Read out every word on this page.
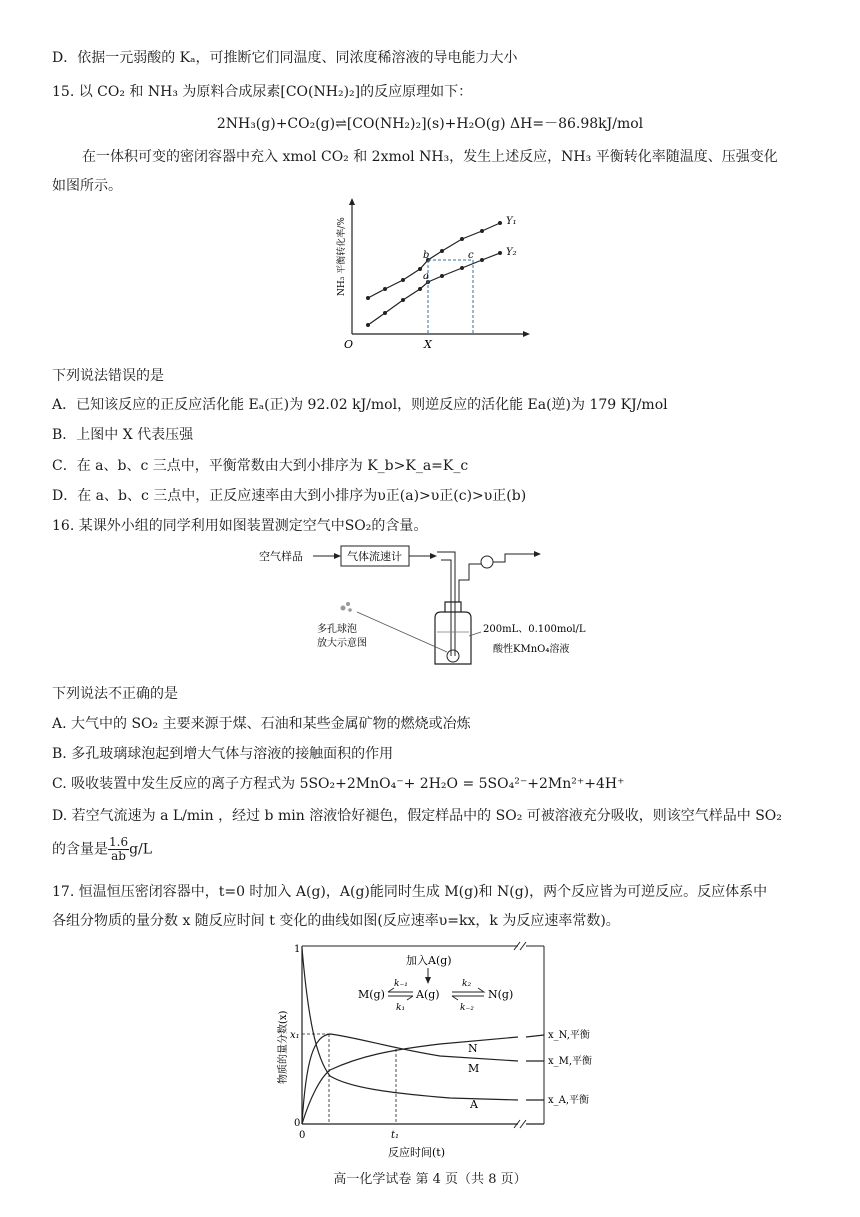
D．依据一元弱酸的 Kₐ，可推断它们同温度、同浓度稀溶液的导电能力大小
15. 以 CO₂ 和 NH₃ 为原料合成尿素[CO(NH₂)₂]的反应原理如下：
2NH₃(g)+CO₂(g)⇌[CO(NH₂)₂](s)+H₂O(g) ΔH=－86.98kJ/mol
在一体积可变的密闭容器中充入 xmol CO₂ 和 2xmol NH₃，发生上述反应，NH₃ 平衡转化率随温度、压强变化
如图所示。
O	X
Y₁
Y₂
b
a
c
NH₃ 平衡转化率/%
下列说法错误的是
A．已知该反应的正反应活化能 Eₐ(正)为 92.02 kJ/mol，则逆反应的活化能 Ea(逆)为 179 KJ/mol
B．上图中 X 代表压强
C．在 a、b、c 三点中，平衡常数由大到小排序为 K_b>K_a=K_c
D．在 a、b、c 三点中，正反应速率由大到小排序为υ正(a)>υ正(c)>υ正(b)
16. 某课外小组的同学利用如图装置测定空气中SO₂的含量。
空气样品	气体流速计
多孔球泡
放大示意图
200mL、0.100mol/L
酸性KMnO₄溶液
下列说法不正确的是
A. 大气中的 SO₂ 主要来源于煤、石油和某些金属矿物的燃烧或冶炼
B. 多孔玻璃球泡起到增大气体与溶液的接触面积的作用
C. 吸收装置中发生反应的离子方程式为 5SO₂+2MnO₄⁻+ 2H₂O = 5SO₄²⁻+2Mn²⁺+4H⁺
D. 若空气流速为 a L/min ，经过 b min 溶液恰好褪色，假定样品中的 SO₂ 可被溶液充分吸收，则该空气样品中 SO₂
的含量是 $\frac{1.6}{ab} g/L$
17. 恒温恒压密闭容器中，t=0 时加入 A(g)，A(g)能同时生成 M(g)和 N(g)，两个反应皆为可逆反应。反应体系中
各组分物质的量分数 x 随反应时间 t 变化的曲线如图(反应速率υ=kx，k 为反应速率常数)。
加入A(g)
M(g)	A(g)	N(g)
k₋₁
k₁
k₂
k₋₂
N
M
A
x_N,平衡
x_M,平衡
x_A,平衡
1
x₁
0
0	t₁
反应时间(t)
物质的量分数(x)
高一化学试卷 第 4 页（共 8 页）
